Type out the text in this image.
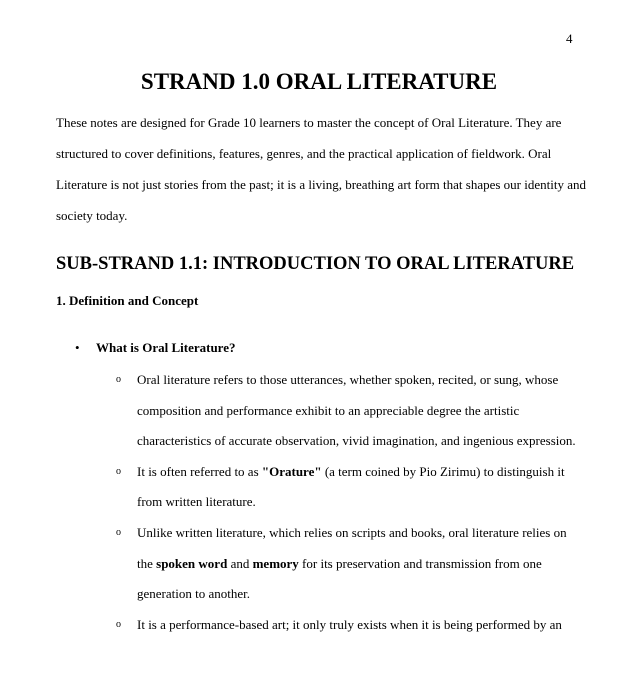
4
STRAND 1.0 ORAL LITERATURE

These notes are designed for Grade 10 learners to master the concept of Oral Literature. They are structured to cover definitions, features, genres, and the practical application of fieldwork. Oral Literature is not just stories from the past; it is a living, breathing art form that shapes our identity and society today.

SUB-STRAND 1.1: INTRODUCTION TO ORAL LITERATURE
1. Definition and Concept
•	What is Oral Literature?
o Oral literature refers to those utterances, whether spoken, recited, or sung, whose composition and performance exhibit to an appreciable degree the artistic characteristics of accurate observation, vivid imagination, and ingenious expression.
o It is often referred to as "Orature" (a term coined by Pio Zirimu) to distinguish it from written literature.
o Unlike written literature, which relies on scripts and books, oral literature relies on the spoken word and memory for its preservation and transmission from one generation to another.
o It is a performance-based art; it only truly exists when it is being performed by an
